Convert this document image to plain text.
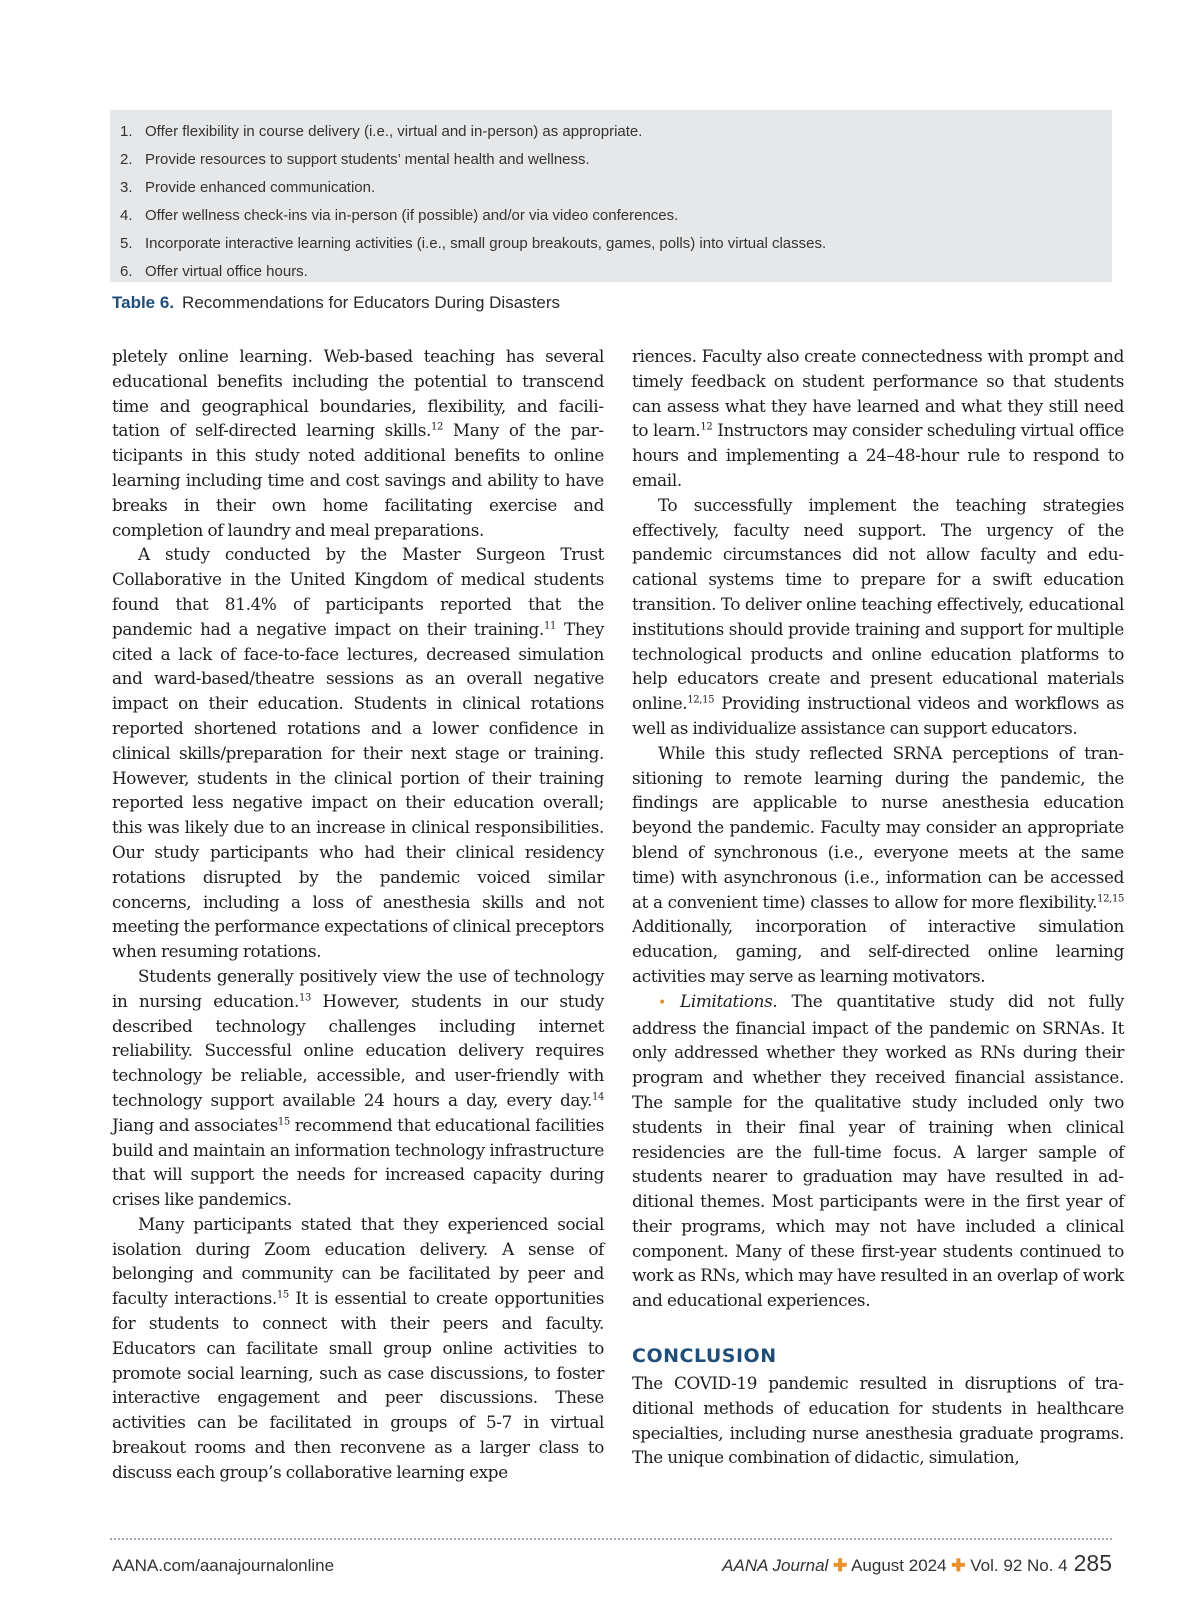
1. Offer flexibility in course delivery (i.e., virtual and in-person) as appropriate.
2. Provide resources to support students’ mental health and wellness.
3. Provide enhanced communication.
4. Offer wellness check-ins via in-person (if possible) and/or via video conferences.
5. Incorporate interactive learning activities (i.e., small group breakouts, games, polls) into virtual classes.
6. Offer virtual office hours.
Table 6. Recommendations for Educators During Disasters

pletely online learning. Web-based teaching has several educational benefits including the potential to transcend time and geographical boundaries, flexibility, and facilitation of self-directed learning skills.$^{12}$ Many of the participants in this study noted additional benefits to online learning including time and cost savings and ability to have breaks in their own home facilitating exercise and completion of laundry and meal preparations.

A study conducted by the Master Surgeon Trust Collaborative in the United Kingdom of medical students found that 81.4% of participants reported that the pandemic had a negative impact on their training.$^{11}$ They cited a lack of face-to-face lectures, decreased simulation and ward-based/theatre sessions as an overall negative impact on their education. Students in clinical rotations reported shortened rotations and a lower confidence in clinical skills/preparation for their next stage or training. However, students in the clinical portion of their training reported less negative impact on their education overall; this was likely due to an increase in clinical responsibilities. Our study participants who had their clinical residency rotations disrupted by the pandemic voiced similar concerns, including a loss of anesthesia skills and not meeting the performance expectations of clinical preceptors when resuming rotations.

Students generally positively view the use of technology in nursing education.$^{13}$ However, students in our study described technology challenges including internet reliability. Successful online education delivery requires technology be reliable, accessible, and user-friendly with technology support available 24 hours a day, every day.$^{14}$ Jiang and associates$^{15}$ recommend that educational facilities build and maintain an information technology infrastructure that will support the needs for increased capacity during crises like pandemics.

Many participants stated that they experienced social isolation during Zoom education delivery. A sense of belonging and community can be facilitated by peer and faculty interactions.$^{15}$ It is essential to create opportunities for students to connect with their peers and faculty. Educators can facilitate small group online activities to promote social learning, such as case discussions, to foster interactive engagement and peer discussions. These activities can be facilitated in groups of 5-7 in virtual breakout rooms and then reconvene as a larger class to discuss each group’s collaborative learning expe

riences. Faculty also create connectedness with prompt and timely feedback on student performance so that students can assess what they have learned and what they still need to learn.$^{12}$ Instructors may consider scheduling virtual office hours and implementing a 24–48-hour rule to respond to email.

To successfully implement the teaching strategies effectively, faculty need support. The urgency of the pandemic circumstances did not allow faculty and educational systems time to prepare for a swift education transition. To deliver online teaching effectively, educational institutions should provide training and support for multiple technological products and online education platforms to help educators create and present educational materials online.$^{12,15}$ Providing instructional videos and workflows as well as individualize assistance can support educators.

While this study reflected SRNA perceptions of transitioning to remote learning during the pandemic, the findings are applicable to nurse anesthesia education beyond the pandemic. Faculty may consider an appropriate blend of synchronous (i.e., everyone meets at the same time) with asynchronous (i.e., information can be accessed at a convenient time) classes to allow for more flexibility.$^{12,15}$ Additionally, incorporation of interactive simulation education, gaming, and self-directed online learning activities may serve as learning motivators.

• Limitations. The quantitative study did not fully address the financial impact of the pandemic on SRNAs. It only addressed whether they worked as RNs during their program and whether they received financial assistance. The sample for the qualitative study included only two students in their final year of training when clinical residencies are the full-time focus. A larger sample of students nearer to graduation may have resulted in additional themes. Most participants were in the first year of their programs, which may not have included a clinical component. Many of these first-year students continued to work as RNs, which may have resulted in an overlap of work and educational experiences.

CONCLUSION

The COVID-19 pandemic resulted in disruptions of traditional methods of education for students in healthcare specialties, including nurse anesthesia graduate programs. The unique combination of didactic, simulation,

AANA.com/aanajournalonline	AANA Journal ✚ August 2024 ✚ Vol. 92 No. 4 285
